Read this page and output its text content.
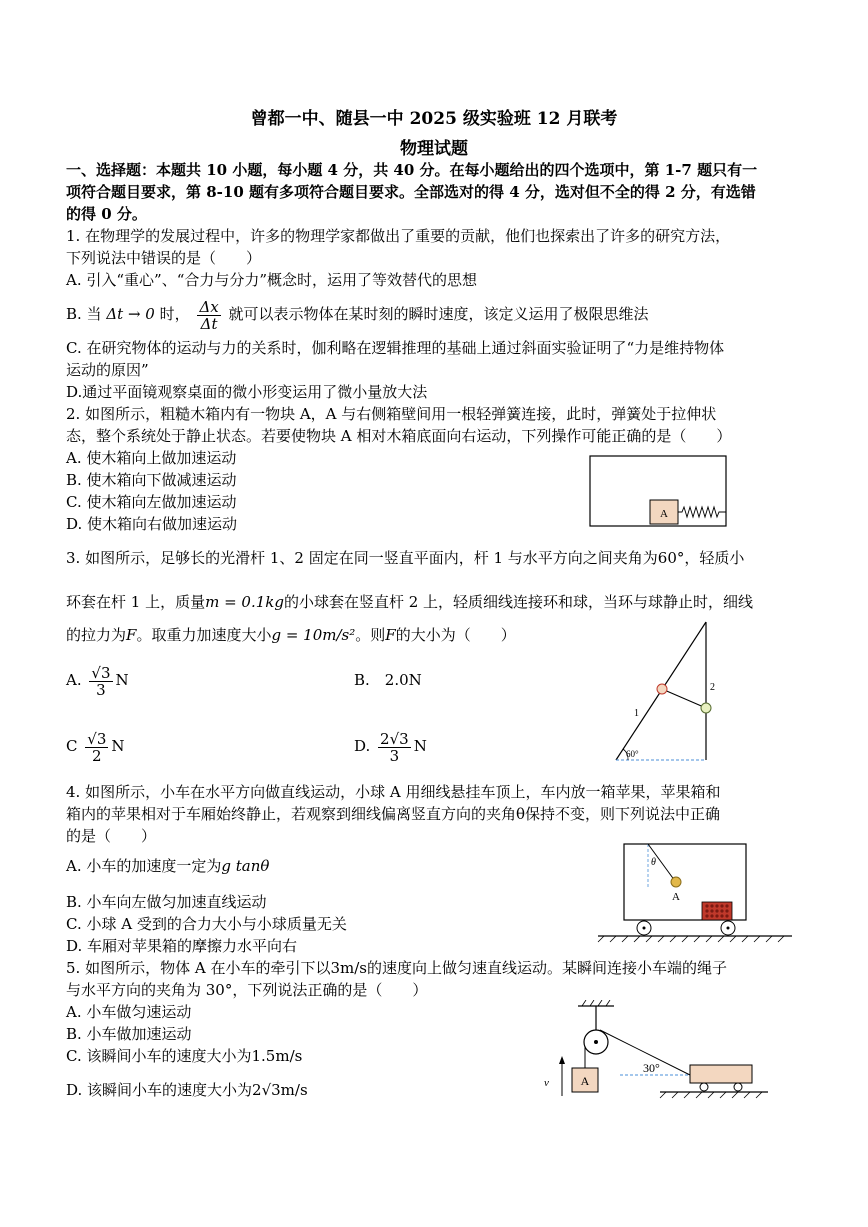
曾都一中、随县一中 2025 级实验班 12 月联考
物理试题
一、选择题：本题共 10 小题，每小题 4 分，共 40 分。在每小题给出的四个选项中，第 1-7 题只有一
项符合题目要求，第 8-10 题有多项符合题目要求。全部选对的得 4 分，选对但不全的得 2 分，有选错
的得 0 分。
1. 在物理学的发展过程中，许多的物理学家都做出了重要的贡献，他们也探索出了许多的研究方法，
下列说法中错误的是（　　）
A. 引入“重心”、“合力与分力”概念时，运用了等效替代的思想
B. 当 Δt → 0 时， $\frac{\Delta x}{\Delta t}$ 就可以表示物体在某时刻的瞬时速度，该定义运用了极限思维法
C. 在研究物体的运动与力的关系时，伽利略在逻辑推理的基础上通过斜面实验证明了“力是维持物体
运动的原因”
D.通过平面镜观察桌面的微小形变运用了微小量放大法
2. 如图所示，粗糙木箱内有一物块 A，A 与右侧箱壁间用一根轻弹簧连接，此时，弹簧处于拉伸状
态，整个系统处于静止状态。若要使物块 A 相对木箱底面向右运动，下列操作可能正确的是（　　）
A. 使木箱向上做加速运动
B. 使木箱向下做减速运动
C. 使木箱向左做加速运动
D. 使木箱向右做加速运动
A
3. 如图所示，足够长的光滑杆 1、2 固定在同一竖直平面内，杆 1 与水平方向之间夹角为60°，轻质小
环套在杆 1 上，质量m = 0.1kg的小球套在竖直杆 2 上，轻质细线连接环和球，当环与球静止时，细线
的拉力为F。取重力加速度大小g = 10m/s²。则F的大小为（　　）
A. $\frac{√3}{3}$ N	B.　2.0N
C $\frac{√3}{2}$ N	D. $\frac{2√3}{3}$ N	60°
1
2
4. 如图所示，小车在水平方向做直线运动，小球 A 用细线悬挂车顶上，车内放一箱苹果，苹果箱和
箱内的苹果相对于车厢始终静止，若观察到细线偏离竖直方向的夹角θ保持不变，则下列说法中正确
的是（　　）
A. 小车的加速度一定为g tanθ
B. 小车向左做匀加速直线运动
C. 小球 A 受到的合力大小与小球质量无关
D. 车厢对苹果箱的摩擦力水平向右
θ
A
5. 如图所示，物体 A 在小车的牵引下以3m/s的速度向上做匀速直线运动。某瞬间连接小车端的绳子
与水平方向的夹角为 30°，下列说法正确的是（　　）
A. 小车做匀速运动
B. 小车做加速运动
C. 该瞬间小车的速度大小为1.5m/s
D. 该瞬间小车的速度大小为2√3m/s	A
v
30°
